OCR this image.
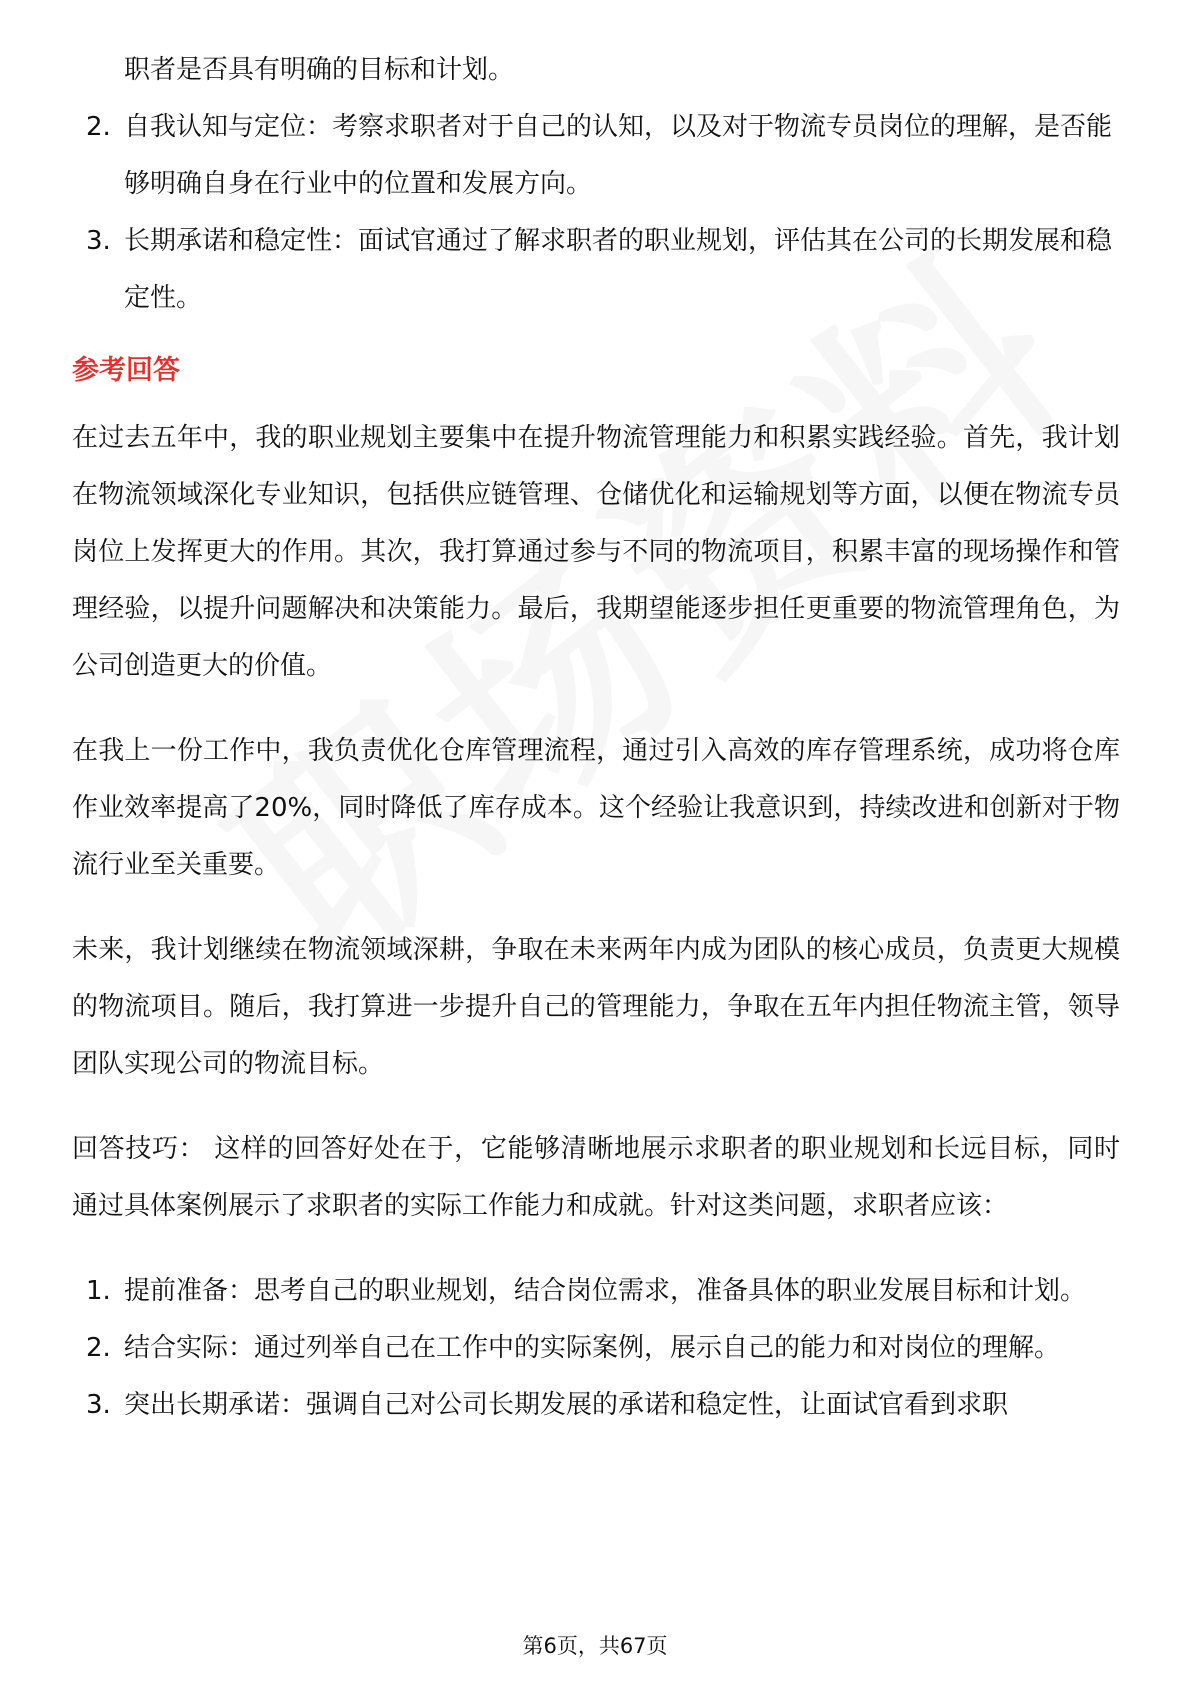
职者是否具有明确的目标和计划。
2. 自我认知与定位：考察求职者对于自己的认知，以及对于物流专员岗位的理解，是否能够明确自身在行业中的位置和发展方向。
3. 长期承诺和稳定性：面试官通过了解求职者的职业规划，评估其在公司的长期发展和稳定性。
参考回答

在过去五年中，我的职业规划主要集中在提升物流管理能力和积累实践经验。首先，我计划在物流领域深化专业知识，包括供应链管理、仓储优化和运输规划等方面，以便在物流专员岗位上发挥更大的作用。其次，我打算通过参与不同的物流项目，积累丰富的现场操作和管理经验，以提升问题解决和决策能力。最后，我期望能逐步担任更重要的物流管理角色，为公司创造更大的价值。

在我上一份工作中，我负责优化仓库管理流程，通过引入高效的库存管理系统，成功将仓库作业效率提高了20%，同时降低了库存成本。这个经验让我意识到，持续改进和创新对于物流行业至关重要。

未来，我计划继续在物流领域深耕，争取在未来两年内成为团队的核心成员，负责更大规模的物流项目。随后，我打算进一步提升自己的管理能力，争取在五年内担任物流主管，领导团队实现公司的物流目标。

回答技巧： 这样的回答好处在于，它能够清晰地展示求职者的职业规划和长远目标，同时通过具体案例展示了求职者的实际工作能力和成就。针对这类问题，求职者应该：

1. 提前准备：思考自己的职业规划，结合岗位需求，准备具体的职业发展目标和计划。
2. 结合实际：通过列举自己在工作中的实际案例，展示自己的能力和对岗位的理解。
3. 突出长期承诺：强调自己对公司长期发展的承诺和稳定性，让面试官看到求职
第6页，共67页
